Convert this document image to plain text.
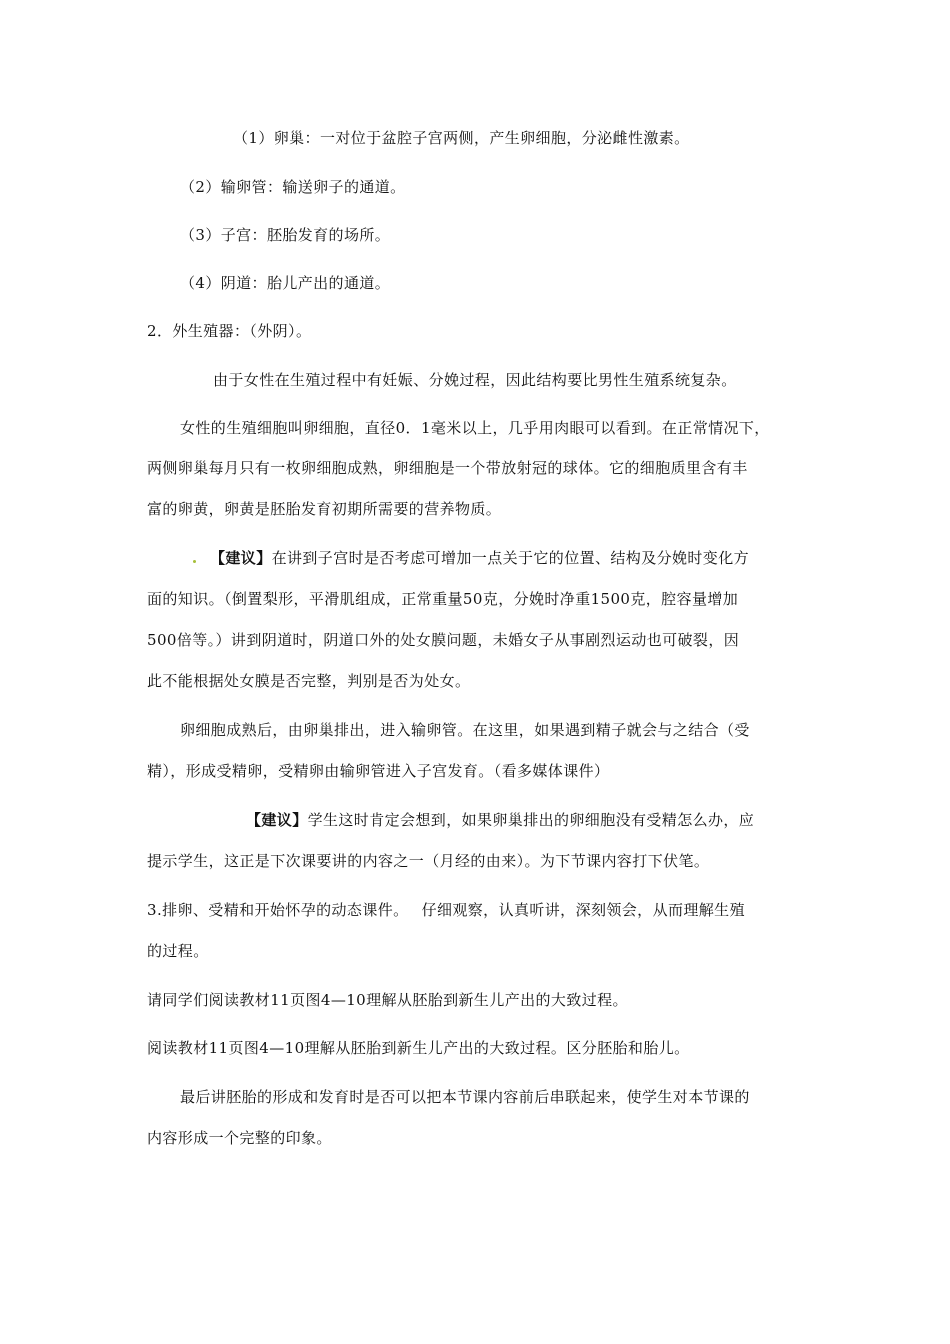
（1）卵巢：一对位于盆腔子宫两侧，产生卵细胞，分泌雌性激素。
（2）输卵管：输送卵子的通道。
（3）子宫：胚胎发育的场所。
（4）阴道：胎儿产出的通道。
2．外生殖器：（外阴）。
由于女性在生殖过程中有妊娠、分娩过程，因此结构要比男性生殖系统复杂。
女性的生殖细胞叫卵细胞，直径0．1毫米以上，几乎用肉眼可以看到。在正常情况下，
两侧卵巢每月只有一枚卵细胞成熟，卵细胞是一个带放射冠的球体。它的细胞质里含有丰
富的卵黄，卵黄是胚胎发育初期所需要的营养物质。
【建议】在讲到子宫时是否考虑可增加一点关于它的位置、结构及分娩时变化方
面的知识。（倒置梨形，平滑肌组成，正常重量50克，分娩时净重1500克，腔容量增加
500倍等。）讲到阴道时，阴道口外的处女膜问题，未婚女子从事剧烈运动也可破裂，因
此不能根据处女膜是否完整，判别是否为处女。
卵细胞成熟后，由卵巢排出，进入输卵管。在这里，如果遇到精子就会与之结合（受
精），形成受精卵，受精卵由输卵管进入子宫发育。（看多媒体课件）
【建议】学生这时肯定会想到，如果卵巢排出的卵细胞没有受精怎么办，应
提示学生，这正是下次课要讲的内容之一（月经的由来）。为下节课内容打下伏笔。
3.排卵、受精和开始怀孕的动态课件。　 仔细观察，认真听讲，深刻领会，从而理解生殖
的过程。
请同学们阅读教材11页图4—10理解从胚胎到新生儿产出的大致过程。
阅读教材11页图4—10理解从胚胎到新生儿产出的大致过程。区分胚胎和胎儿。
最后讲胚胎的形成和发育时是否可以把本节课内容前后串联起来，使学生对本节课的
内容形成一个完整的印象。
